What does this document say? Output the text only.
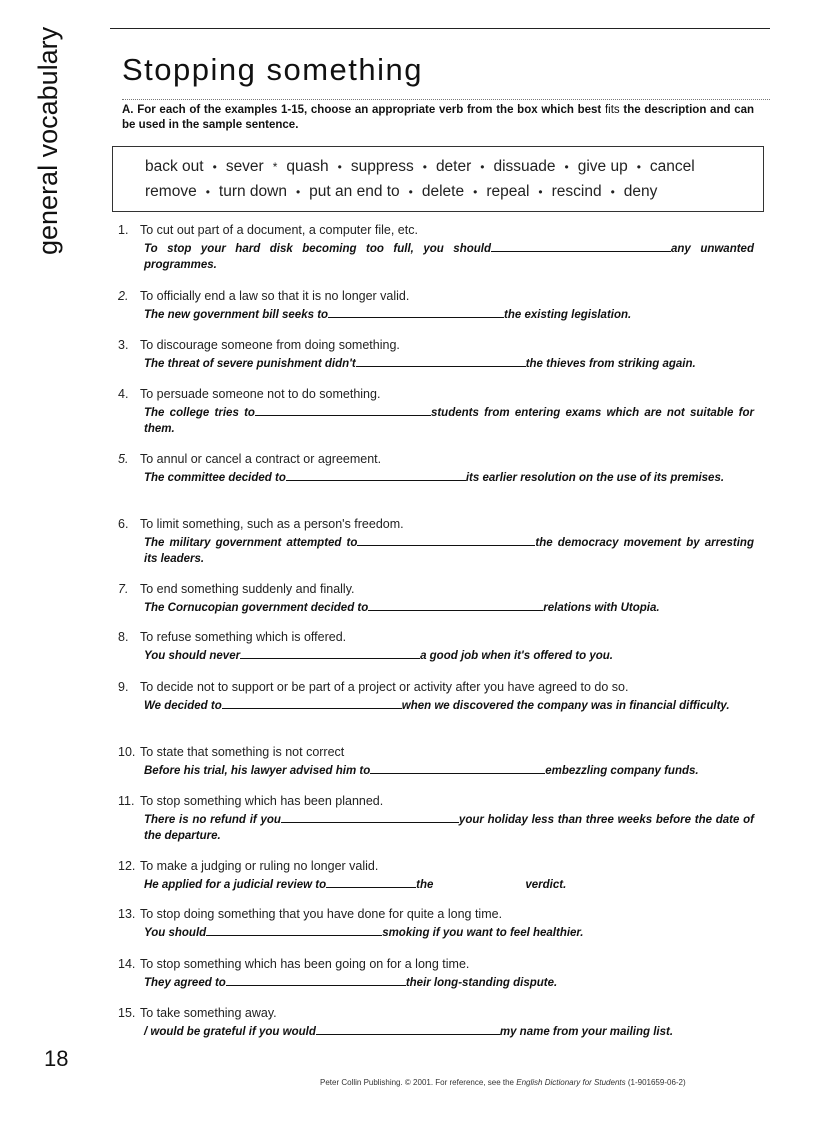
general vocabulary Stopping something
A. For each of the examples 1-15, choose an appropriate verb from the box which best fits the description and can be used in the sample sentence.
back out • sever * quash • suppress • deter • dissuade • give up • cancel
remove • turn down • put an end to • delete • repeal • rescind • deny
1. To cut out part of a document, a computer file, etc.
To stop your hard disk becoming too full, you should	any unwanted programmes.
2. To officially end a law so that it is no longer valid.
The new government bill seeks to	the existing legislation.
3. To discourage someone from doing something.
The threat of severe punishment didn't	the thieves from striking again.
4. To persuade someone not to do something.
The college tries to	students from entering exams which are not suitable for them.
5. To annul or cancel a contract or agreement.
The committee decided to	its earlier resolution on the use of its premises.
6. To limit something, such as a person's freedom.
The military government attempted to	the democracy movement by arresting its leaders.
7. To end something suddenly and finally.
The Cornucopian government decided to	relations with Utopia.
8. To refuse something which is offered.
You should never	a good job when it's offered to you.
9. To decide not to support or be part of a project or activity after you have agreed to do so.
We decided to	when we discovered the company was in financial difficulty.
10. To state that something is not correct
Before his trial, his lawyer advised him to	embezzling company funds.
11. To stop something which has been planned.
There is no refund if you	your holiday less than three weeks before the date of the departure.
12. To make a judging or ruling no longer valid.
He applied for a judicial review to	the	verdict.
13. To stop doing something that you have done for quite a long time.
You should	smoking if you want to feel healthier.
14. To stop something which has been going on for a long time.
They agreed to	their long-standing dispute.
15. To take something away.
/ would be grateful if you would	my name from your mailing list.
18
Peter Collin Publishing. © 2001. For reference, see the English Dictionary for Students (1-901659-06-2)
